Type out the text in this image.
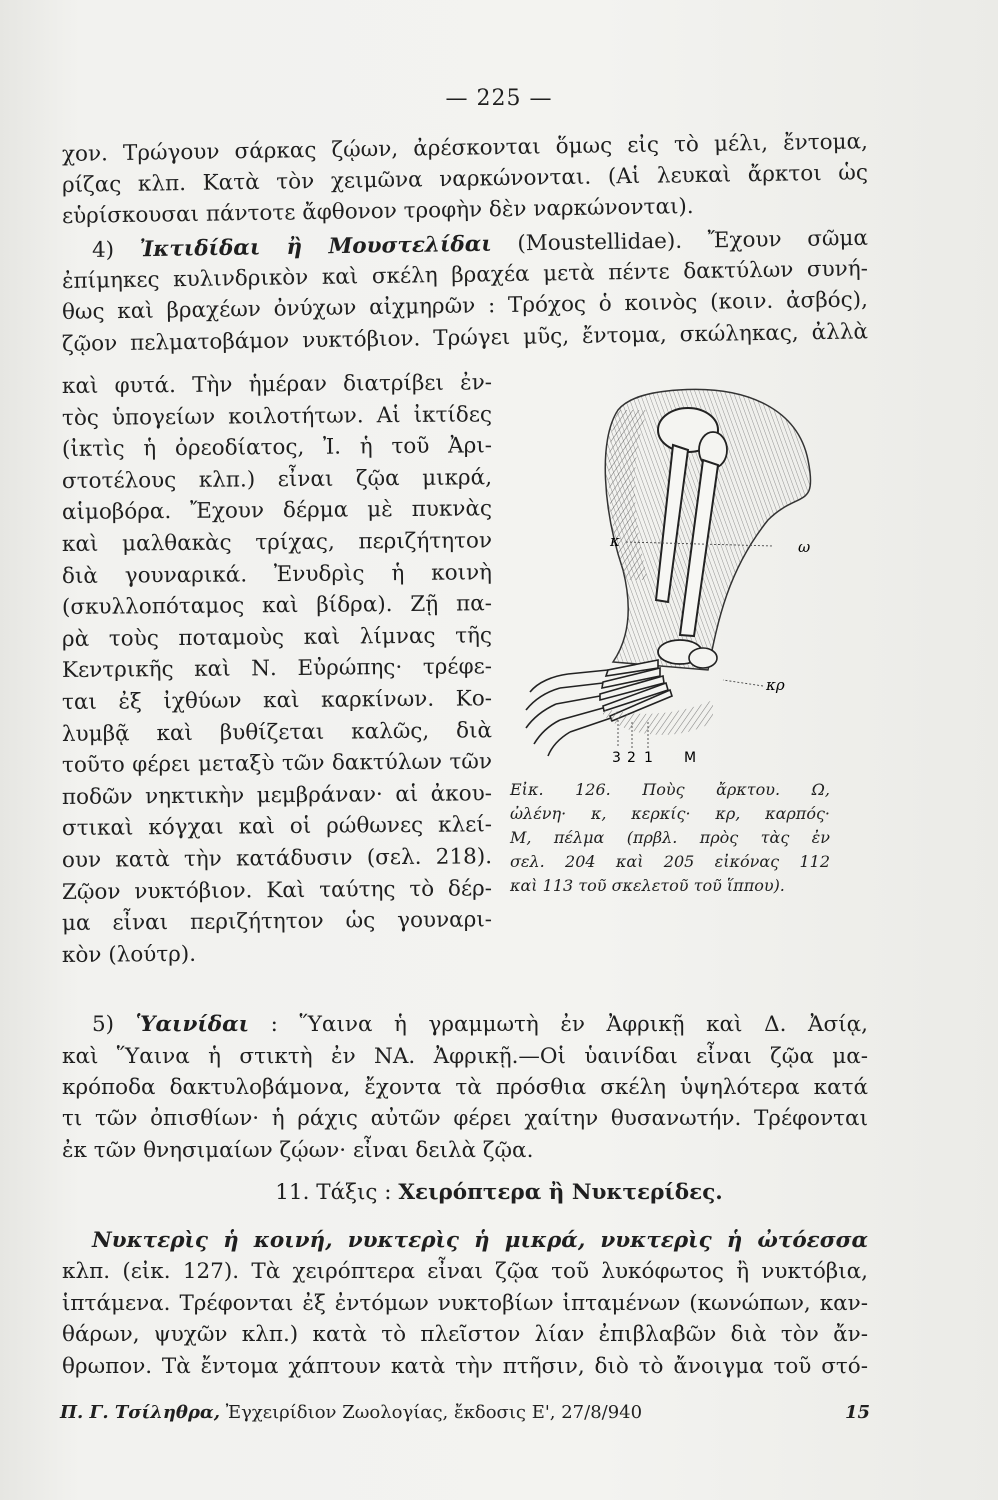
— 225 —
χον. Τρώγουν σάρκας ζῴων, ἀρέσκονται ὅμως εἰς τὸ μέλι, ἔντομα,
ρίζας κλπ. Κατὰ τὸν χειμῶνα ναρκώνονται. (Αἱ λευκαὶ ἄρκτοι ὡς
εὑρίσκουσαι πάντοτε ἄφθονον τροφὴν δὲν ναρκώνονται).
4) Ἰκτιδίδαι ἢ Μουστελίδαι (Moustellidae). Ἔχουν σῶμα
ἐπίμηκες κυλινδρικὸν καὶ σκέλη βραχέα μετὰ πέντε δακτύλων συνή-
θως καὶ βραχέων ὀνύχων αἰχμηρῶν : Τρόχος ὁ κοινὸς (κοιν. ἀσβός),
ζῷον πελματοβάμον νυκτόβιον. Τρώγει μῦς, ἔντομα, σκώληκας, ἀλλὰ
καὶ φυτά. Τὴν ἡμέραν διατρίβει ἐν-
τὸς ὑπογείων κοιλοτήτων. Αἱ ἰκτίδες
(ἰκτὶς ἡ ὀρεοδίατος, Ἰ. ἡ τοῦ Ἀρι-
στοτέλους κλπ.) εἶναι ζῷα μικρά,
αἱμοβόρα. Ἔχουν δέρμα μὲ πυκνὰς
καὶ μαλθακὰς τρίχας, περιζήτητον
διὰ γουναρικά. Ἐνυδρὶς ἡ κοινὴ
(σκυλλοπόταμος καὶ βίδρα). Ζῇ πα-
ρὰ τοὺς ποταμοὺς καὶ λίμνας τῆς
Κεντρικῆς καὶ Ν. Εὐρώπης· τρέφε-
ται ἐξ ἰχθύων καὶ καρκίνων. Κο-
λυμβᾷ καὶ βυθίζεται καλῶς, διὰ
τοῦτο φέρει μεταξὺ τῶν δακτύλων τῶν
ποδῶν νηκτικὴν μεμβράναν· αἱ ἀκου-
στικαὶ κόγχαι καὶ οἱ ρώθωνες κλεί-
ουν κατὰ τὴν κατάδυσιν (σελ. 218).
Ζῷον νυκτόβιον. Καὶ ταύτης τὸ δέρ-
μα εἶναι περιζήτητον ὡς γουναρι-
κὸν (λούτρ).
κ	ω
κρ
3 2 1 M
Εἰκ. 126. Ποὺς ἄρκτου. Ω,
ὠλένη· κ, κερκίς· κρ, καρπός·
Μ, πέλμα (πρβλ. πρὸς τὰς ἐν
σελ. 204 καὶ 205 εἰκόνας 112
καὶ 113 τοῦ σκελετοῦ τοῦ ἵππου).
5) Ὑαινίδαι : Ὕαινα ἡ γραμμωτὴ ἐν Ἀφρικῇ καὶ Δ. Ἀσίᾳ,
καὶ Ὕαινα ἡ στικτὴ ἐν ΝΑ. Ἀφρικῇ.—Οἱ ὑαινίδαι εἶναι ζῷα μα-
κρόποδα δακτυλοβάμονα, ἔχοντα τὰ πρόσθια σκέλη ὑψηλότερα κατά
τι τῶν ὀπισθίων· ἡ ράχις αὐτῶν φέρει χαίτην θυσανωτήν. Τρέφονται
ἐκ τῶν θνησιμαίων ζῴων· εἶναι δειλὰ ζῷα.
11. Τάξις : Χειρόπτερα ἢ Νυκτερίδες.
Νυκτερὶς ἡ κοινή, νυκτερὶς ἡ μικρά, νυκτερὶς ἡ ὠτόεσσα
κλπ. (εἰκ. 127). Τὰ χειρόπτερα εἶναι ζῷα τοῦ λυκόφωτος ἢ νυκτόβια,
ἱπτάμενα. Τρέφονται ἐξ ἐντόμων νυκτοβίων ἱπταμένων (κωνώπων, καν-
θάρων, ψυχῶν κλπ.) κατὰ τὸ πλεῖστον λίαν ἐπιβλαβῶν διὰ τὸν ἄν-
θρωπον. Τὰ ἔντομα χάπτουν κατὰ τὴν πτῆσιν, διὸ τὸ ἄνοιγμα τοῦ στό-
Π. Γ. Τσίληθρα, Ἐγχειρίδιον Ζωολογίας, ἔκδοσις Ε', 27/8/940	15
